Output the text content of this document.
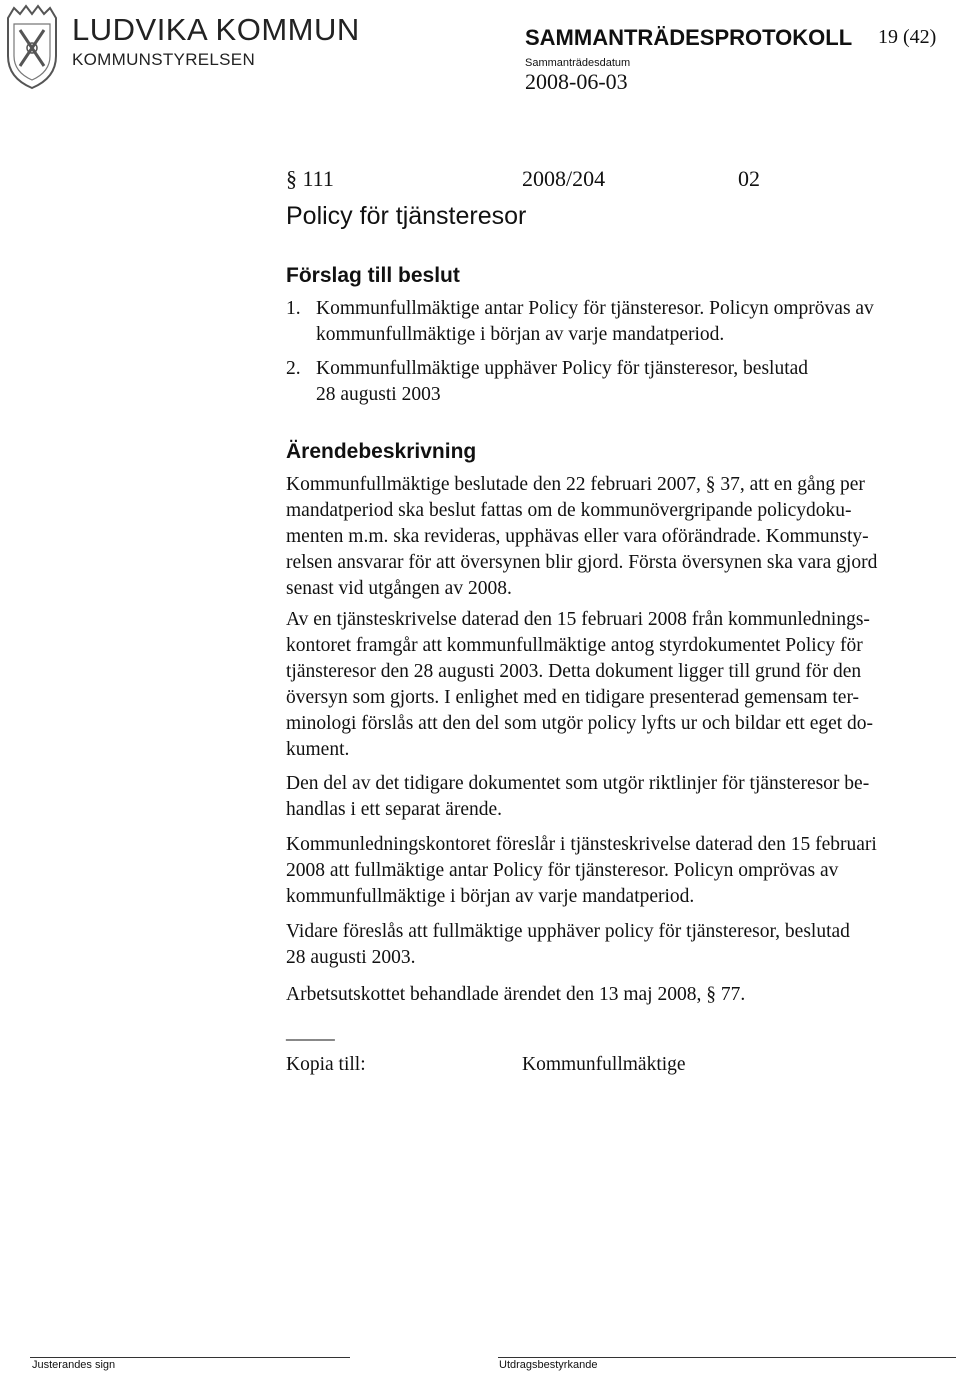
LUDVIKA KOMMUN
KOMMUNSTYRELSEN
SAMMANTRÄDESPROTOKOLL 19 (42)
Sammanträdesdatum
2008-06-03
§ 111	2008/204	02
Policy för tjänsteresor
Förslag till beslut
1. Kommunfullmäktige antar Policy för tjänsteresor. Policyn omprövas av
kommunfullmäktige i början av varje mandatperiod.
2. Kommunfullmäktige upphäver Policy för tjänsteresor, beslutad
28 augusti 2003
Ärendebeskrivning
Kommunfullmäktige beslutade den 22 februari 2007, § 37, att en gång per
mandatperiod ska beslut fattas om de kommunövergripande policydoku-
menten m.m. ska revideras, upphävas eller vara oförändrade. Kommunsty-
relsen ansvarar för att översynen blir gjord. Första översynen ska vara gjord
senast vid utgången av 2008.
Av en tjänsteskrivelse daterad den 15 februari 2008 från kommunlednings-
kontoret framgår att kommunfullmäktige antog styrdokumentet Policy för
tjänsteresor den 28 augusti 2003. Detta dokument ligger till grund för den
översyn som gjorts. I enlighet med en tidigare presenterad gemensam ter-
minologi förslås att den del som utgör policy lyfts ur och bildar ett eget do-
kument.
Den del av det tidigare dokumentet som utgör riktlinjer för tjänsteresor be-
handlas i ett separat ärende.
Kommunledningskontoret föreslår i tjänsteskrivelse daterad den 15 februari
2008 att fullmäktige antar Policy för tjänsteresor. Policyn omprövas av
kommunfullmäktige i början av varje mandatperiod.
Vidare föreslås att fullmäktige upphäver policy för tjänsteresor, beslutad
28 augusti 2003.
Arbetsutskottet behandlade ärendet den 13 maj 2008, § 77.
_____
Kopia till:	Kommunfullmäktige
Justerandes sign	Utdragsbestyrkande
